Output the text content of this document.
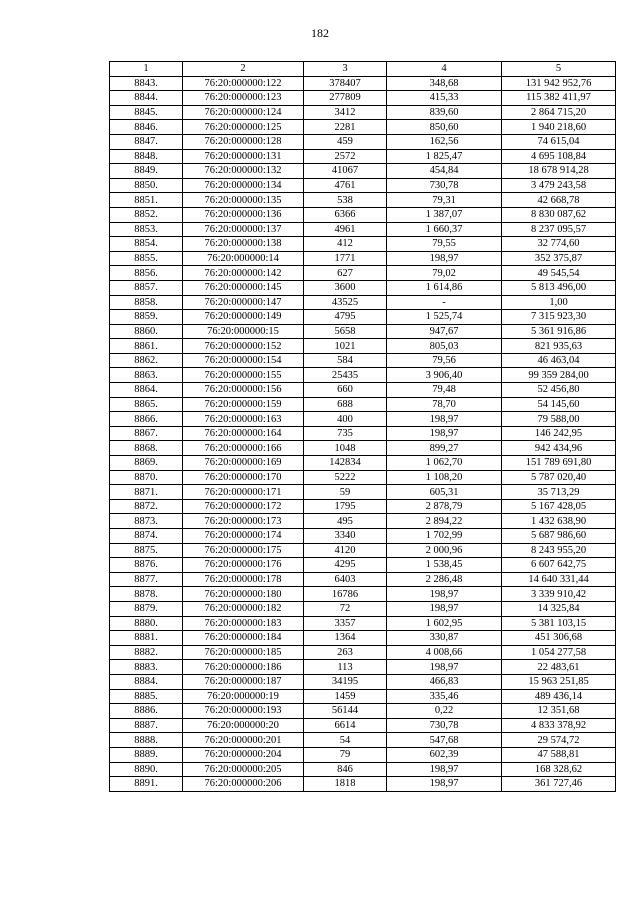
182
1	2	3	4	5
8843.	76:20:000000:122	378407	348,68	131 942 952,76
8844.	76:20:000000:123	277809	415,33	115 382 411,97
8845.	76:20:000000:124	3412	839,60	2 864 715,20
8846.	76:20:000000:125	2281	850,60	1 940 218,60
8847.	76:20:000000:128	459	162,56	74 615,04
8848.	76:20:000000:131	2572	1 825,47	4 695 108,84
8849.	76:20:000000:132	41067	454,84	18 678 914,28
8850.	76:20:000000:134	4761	730,78	3 479 243,58
8851.	76:20:000000:135	538	79,31	42 668,78
8852.	76:20:000000:136	6366	1 387,07	8 830 087,62
8853.	76:20:000000:137	4961	1 660,37	8 237 095,57
8854.	76:20:000000:138	412	79,55	32 774,60
8855.	76:20:000000:14	1771	198,97	352 375,87
8856.	76:20:000000:142	627	79,02	49 545,54
8857.	76:20:000000:145	3600	1 614,86	5 813 496,00
8858.	76:20:000000:147	43525	-	1,00
8859.	76:20:000000:149	4795	1 525,74	7 315 923,30
8860.	76:20:000000:15	5658	947,67	5 361 916,86
8861.	76:20:000000:152	1021	805,03	821 935,63
8862.	76:20:000000:154	584	79,56	46 463,04
8863.	76:20:000000:155	25435	3 906,40	99 359 284,00
8864.	76:20:000000:156	660	79,48	52 456,80
8865.	76:20:000000:159	688	78,70	54 145,60
8866.	76:20:000000:163	400	198,97	79 588,00
8867.	76:20:000000:164	735	198,97	146 242,95
8868.	76:20:000000:166	1048	899,27	942 434,96
8869.	76:20:000000:169	142834	1 062,70	151 789 691,80
8870.	76:20:000000:170	5222	1 108,20	5 787 020,40
8871.	76:20:000000:171	59	605,31	35 713,29
8872.	76:20:000000:172	1795	2 878,79	5 167 428,05
8873.	76:20:000000:173	495	2 894,22	1 432 638,90
8874.	76:20:000000:174	3340	1 702,99	5 687 986,60
8875.	76:20:000000:175	4120	2 000,96	8 243 955,20
8876.	76:20:000000:176	4295	1 538,45	6 607 642,75
8877.	76:20:000000:178	6403	2 286,48	14 640 331,44
8878.	76:20:000000:180	16786	198,97	3 339 910,42
8879.	76:20:000000:182	72	198,97	14 325,84
8880.	76:20:000000:183	3357	1 602,95	5 381 103,15
8881.	76:20:000000:184	1364	330,87	451 306,68
8882.	76:20:000000:185	263	4 008,66	1 054 277,58
8883.	76:20:000000:186	113	198,97	22 483,61
8884.	76:20:000000:187	34195	466,83	15 963 251,85
8885.	76:20:000000:19	1459	335,46	489 436,14
8886.	76:20:000000:193	56144	0,22	12 351,68
8887.	76:20:000000:20	6614	730,78	4 833 378,92
8888.	76:20:000000:201	54	547,68	29 574,72
8889.	76:20:000000:204	79	602,39	47 588,81
8890.	76:20:000000:205	846	198,97	168 328,62
8891.	76:20:000000:206	1818	198,97	361 727,46
